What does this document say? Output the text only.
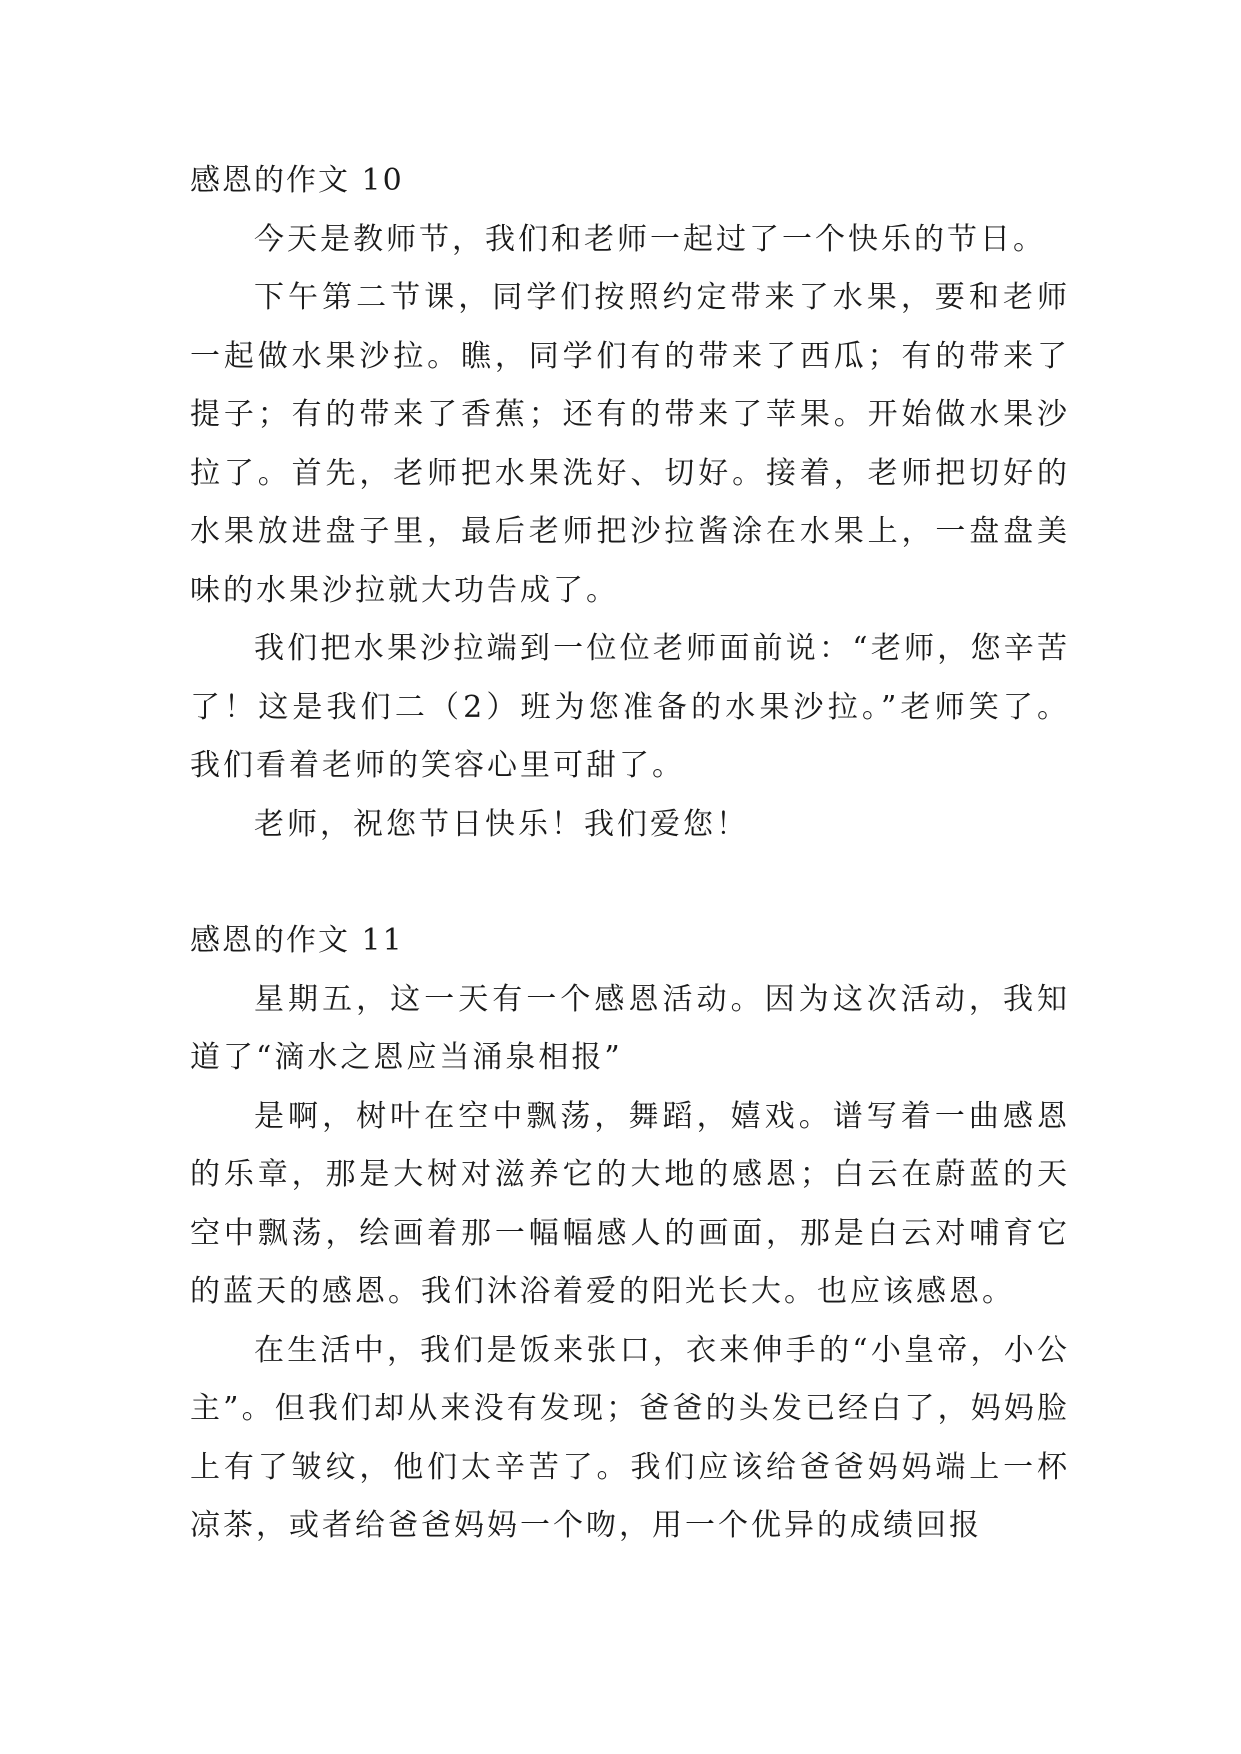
感恩的作文 10

今天是教师节，我们和老师一起过了一个快乐的节日。

下午第二节课，同学们按照约定带来了水果，要和老师一起做水果沙拉。瞧，同学们有的带来了西瓜；有的带来了提子；有的带来了香蕉；还有的带来了苹果。开始做水果沙拉了。首先，老师把水果洗好、切好。接着，老师把切好的水果放进盘子里，最后老师把沙拉酱涂在水果上，一盘盘美味的水果沙拉就大功告成了。

我们把水果沙拉端到一位位老师面前说：“老师，您辛苦了！这是我们二（2）班为您准备的水果沙拉。”老师笑了。我们看着老师的笑容心里可甜了。

老师，祝您节日快乐！我们爱您！

感恩的作文 11

星期五，这一天有一个感恩活动。因为这次活动，我知道了“滴水之恩应当涌泉相报”

是啊，树叶在空中飘荡，舞蹈，嬉戏。谱写着一曲感恩的乐章，那是大树对滋养它的大地的感恩；白云在蔚蓝的天空中飘荡，绘画着那一幅幅感人的画面，那是白云对哺育它的蓝天的感恩。我们沐浴着爱的阳光长大。也应该感恩。

在生活中，我们是饭来张口，衣来伸手的“小皇帝，小公主”。但我们却从来没有发现；爸爸的头发已经白了，妈妈脸上有了皱纹，他们太辛苦了。我们应该给爸爸妈妈端上一杯凉茶，或者给爸爸妈妈一个吻，用一个优异的成绩回报
